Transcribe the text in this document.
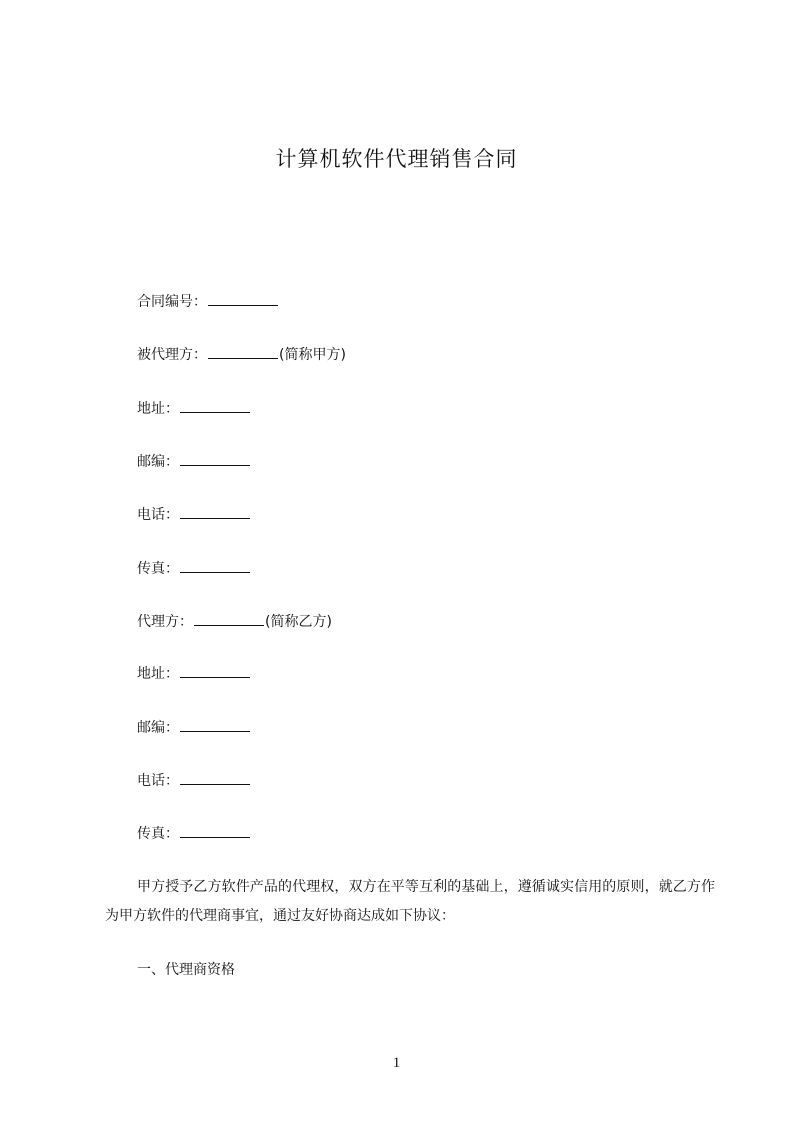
计算机软件代理销售合同
合同编号：
被代理方：	(简称甲方)
地址：
邮编：
电话：
传真：
代理方：	(简称乙方)
地址：
邮编：
电话：
传真：
甲方授予乙方软件产品的代理权，双方在平等互利的基础上，遵循诚实信用的原则，就乙方作为甲方软件的代理商事宜，通过友好协商达成如下协议：
一、代理商资格
1
